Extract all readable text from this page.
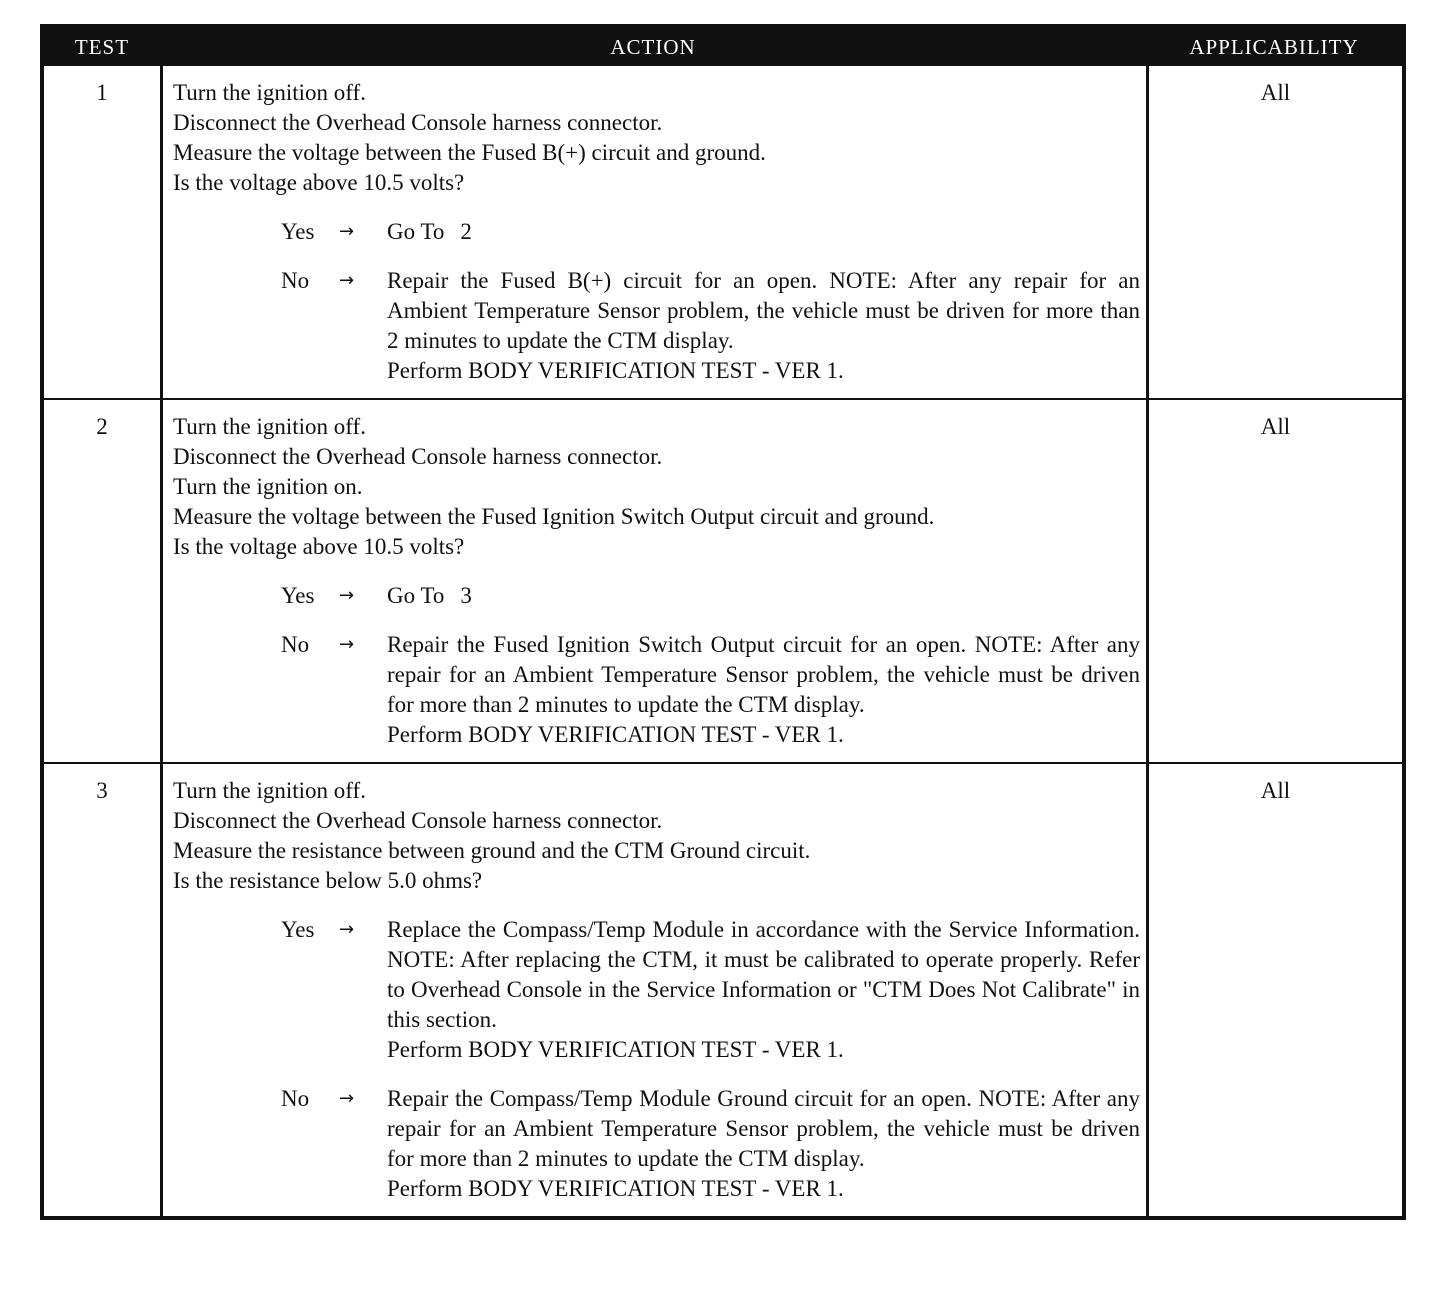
TEST	ACTION	APPLICABILITY
1	Turn the ignition off.
Disconnect the Overhead Console harness connector.
Measure the voltage between the Fused B(+) circuit and ground.
Is the voltage above 10.5 volts?
Yes	→	Go To 2
No	→	Repair the Fused B(+) circuit for an open. NOTE: After any repair for an Ambient Temperature Sensor problem, the vehicle must be driven for more than 2 minutes to update the CTM display.
Perform BODY VERIFICATION TEST - VER 1.
All
2	Turn the ignition off.
Disconnect the Overhead Console harness connector.
Turn the ignition on.
Measure the voltage between the Fused Ignition Switch Output circuit and ground.
Is the voltage above 10.5 volts?
Yes	→	Go To 3
No	→	Repair the Fused Ignition Switch Output circuit for an open. NOTE: After any repair for an Ambient Temperature Sensor problem, the vehicle must be driven for more than 2 minutes to update the CTM display.
Perform BODY VERIFICATION TEST - VER 1.
All
3	Turn the ignition off.
Disconnect the Overhead Console harness connector.
Measure the resistance between ground and the CTM Ground circuit.
Is the resistance below 5.0 ohms?
Yes	→	Replace the Compass/Temp Module in accordance with the Service Information. NOTE: After replacing the CTM, it must be calibrated to operate properly. Refer to Overhead Console in the Service Information or "CTM Does Not Calibrate" in this section.
Perform BODY VERIFICATION TEST - VER 1.
No	→	Repair the Compass/Temp Module Ground circuit for an open. NOTE: After any repair for an Ambient Temperature Sensor problem, the vehicle must be driven for more than 2 minutes to update the CTM display.
Perform BODY VERIFICATION TEST - VER 1.
All
